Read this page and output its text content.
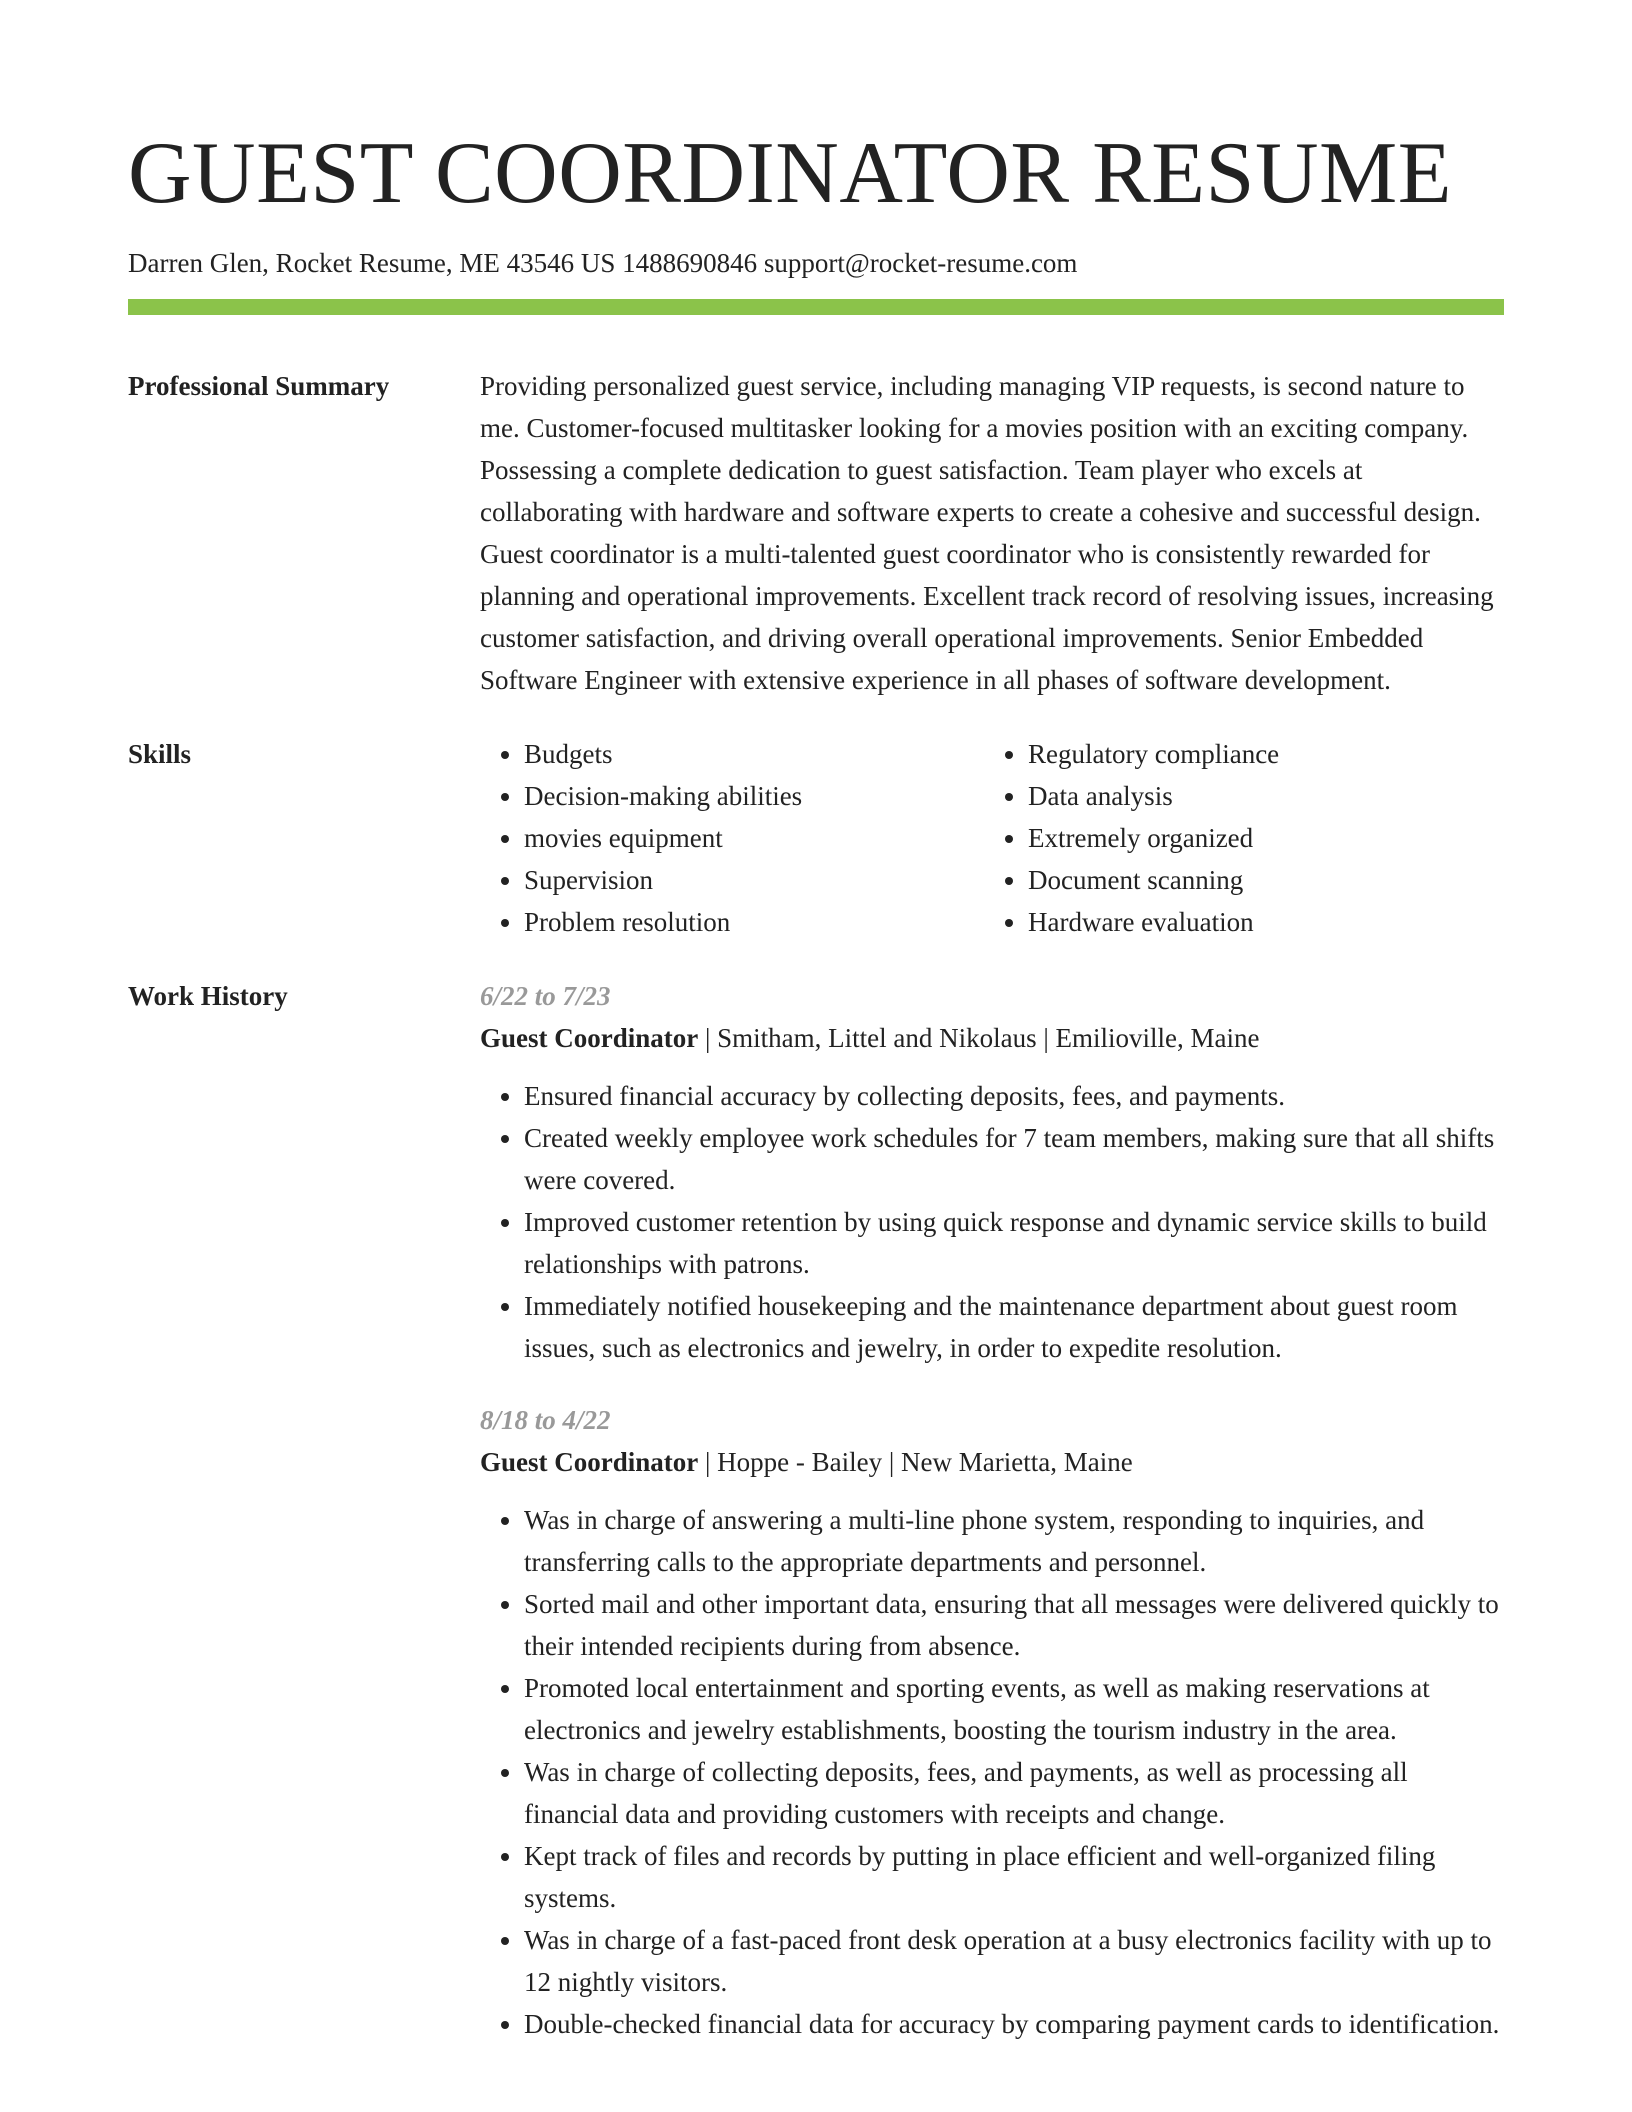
GUEST COORDINATOR RESUME
Darren Glen, Rocket Resume, ME 43546 US 1488690846 support@rocket-resume.com
Professional Summary	Providing personalized guest service, including managing VIP requests, is second nature to me. Customer-focused multitasker looking for a movies position with an exciting company. Possessing a complete dedication to guest satisfaction. Team player who excels at collaborating with hardware and software experts to create a cohesive and successful design. Guest coordinator is a multi-talented guest coordinator who is consistently rewarded for planning and operational improvements. Excellent track record of resolving issues, increasing customer satisfaction, and driving overall operational improvements. Senior Embedded Software Engineer with extensive experience in all phases of software development.

Skills
•	Budgets
• Decision-making abilities
• movies equipment
• Supervision
• Problem resolution
• Regulatory compliance
• Data analysis
• Extremely organized
• Document scanning
• Hardware evaluation
Work History	6/22 to 7/23

Guest Coordinator | Smitham, Littel and Nikolaus | Emilioville, Maine

• Ensured financial accuracy by collecting deposits, fees, and payments.
• Created weekly employee work schedules for 7 team members, making sure that all shifts were covered.
• Improved customer retention by using quick response and dynamic service skills to build relationships with patrons.
• Immediately notified housekeeping and the maintenance department about guest room issues, such as electronics and jewelry, in order to expedite resolution.
8/18 to 4/22

Guest Coordinator | Hoppe - Bailey | New Marietta, Maine

• Was in charge of answering a multi-line phone system, responding to inquiries, and transferring calls to the appropriate departments and personnel.
• Sorted mail and other important data, ensuring that all messages were delivered quickly to their intended recipients during from absence.
• Promoted local entertainment and sporting events, as well as making reservations at electronics and jewelry establishments, boosting the tourism industry in the area.
• Was in charge of collecting deposits, fees, and payments, as well as processing all financial data and providing customers with receipts and change.
• Kept track of files and records by putting in place efficient and well-organized filing systems.
• Was in charge of a fast-paced front desk operation at a busy electronics facility with up to 12 nightly visitors.
• Double-checked financial data for accuracy by comparing payment cards to identification.
